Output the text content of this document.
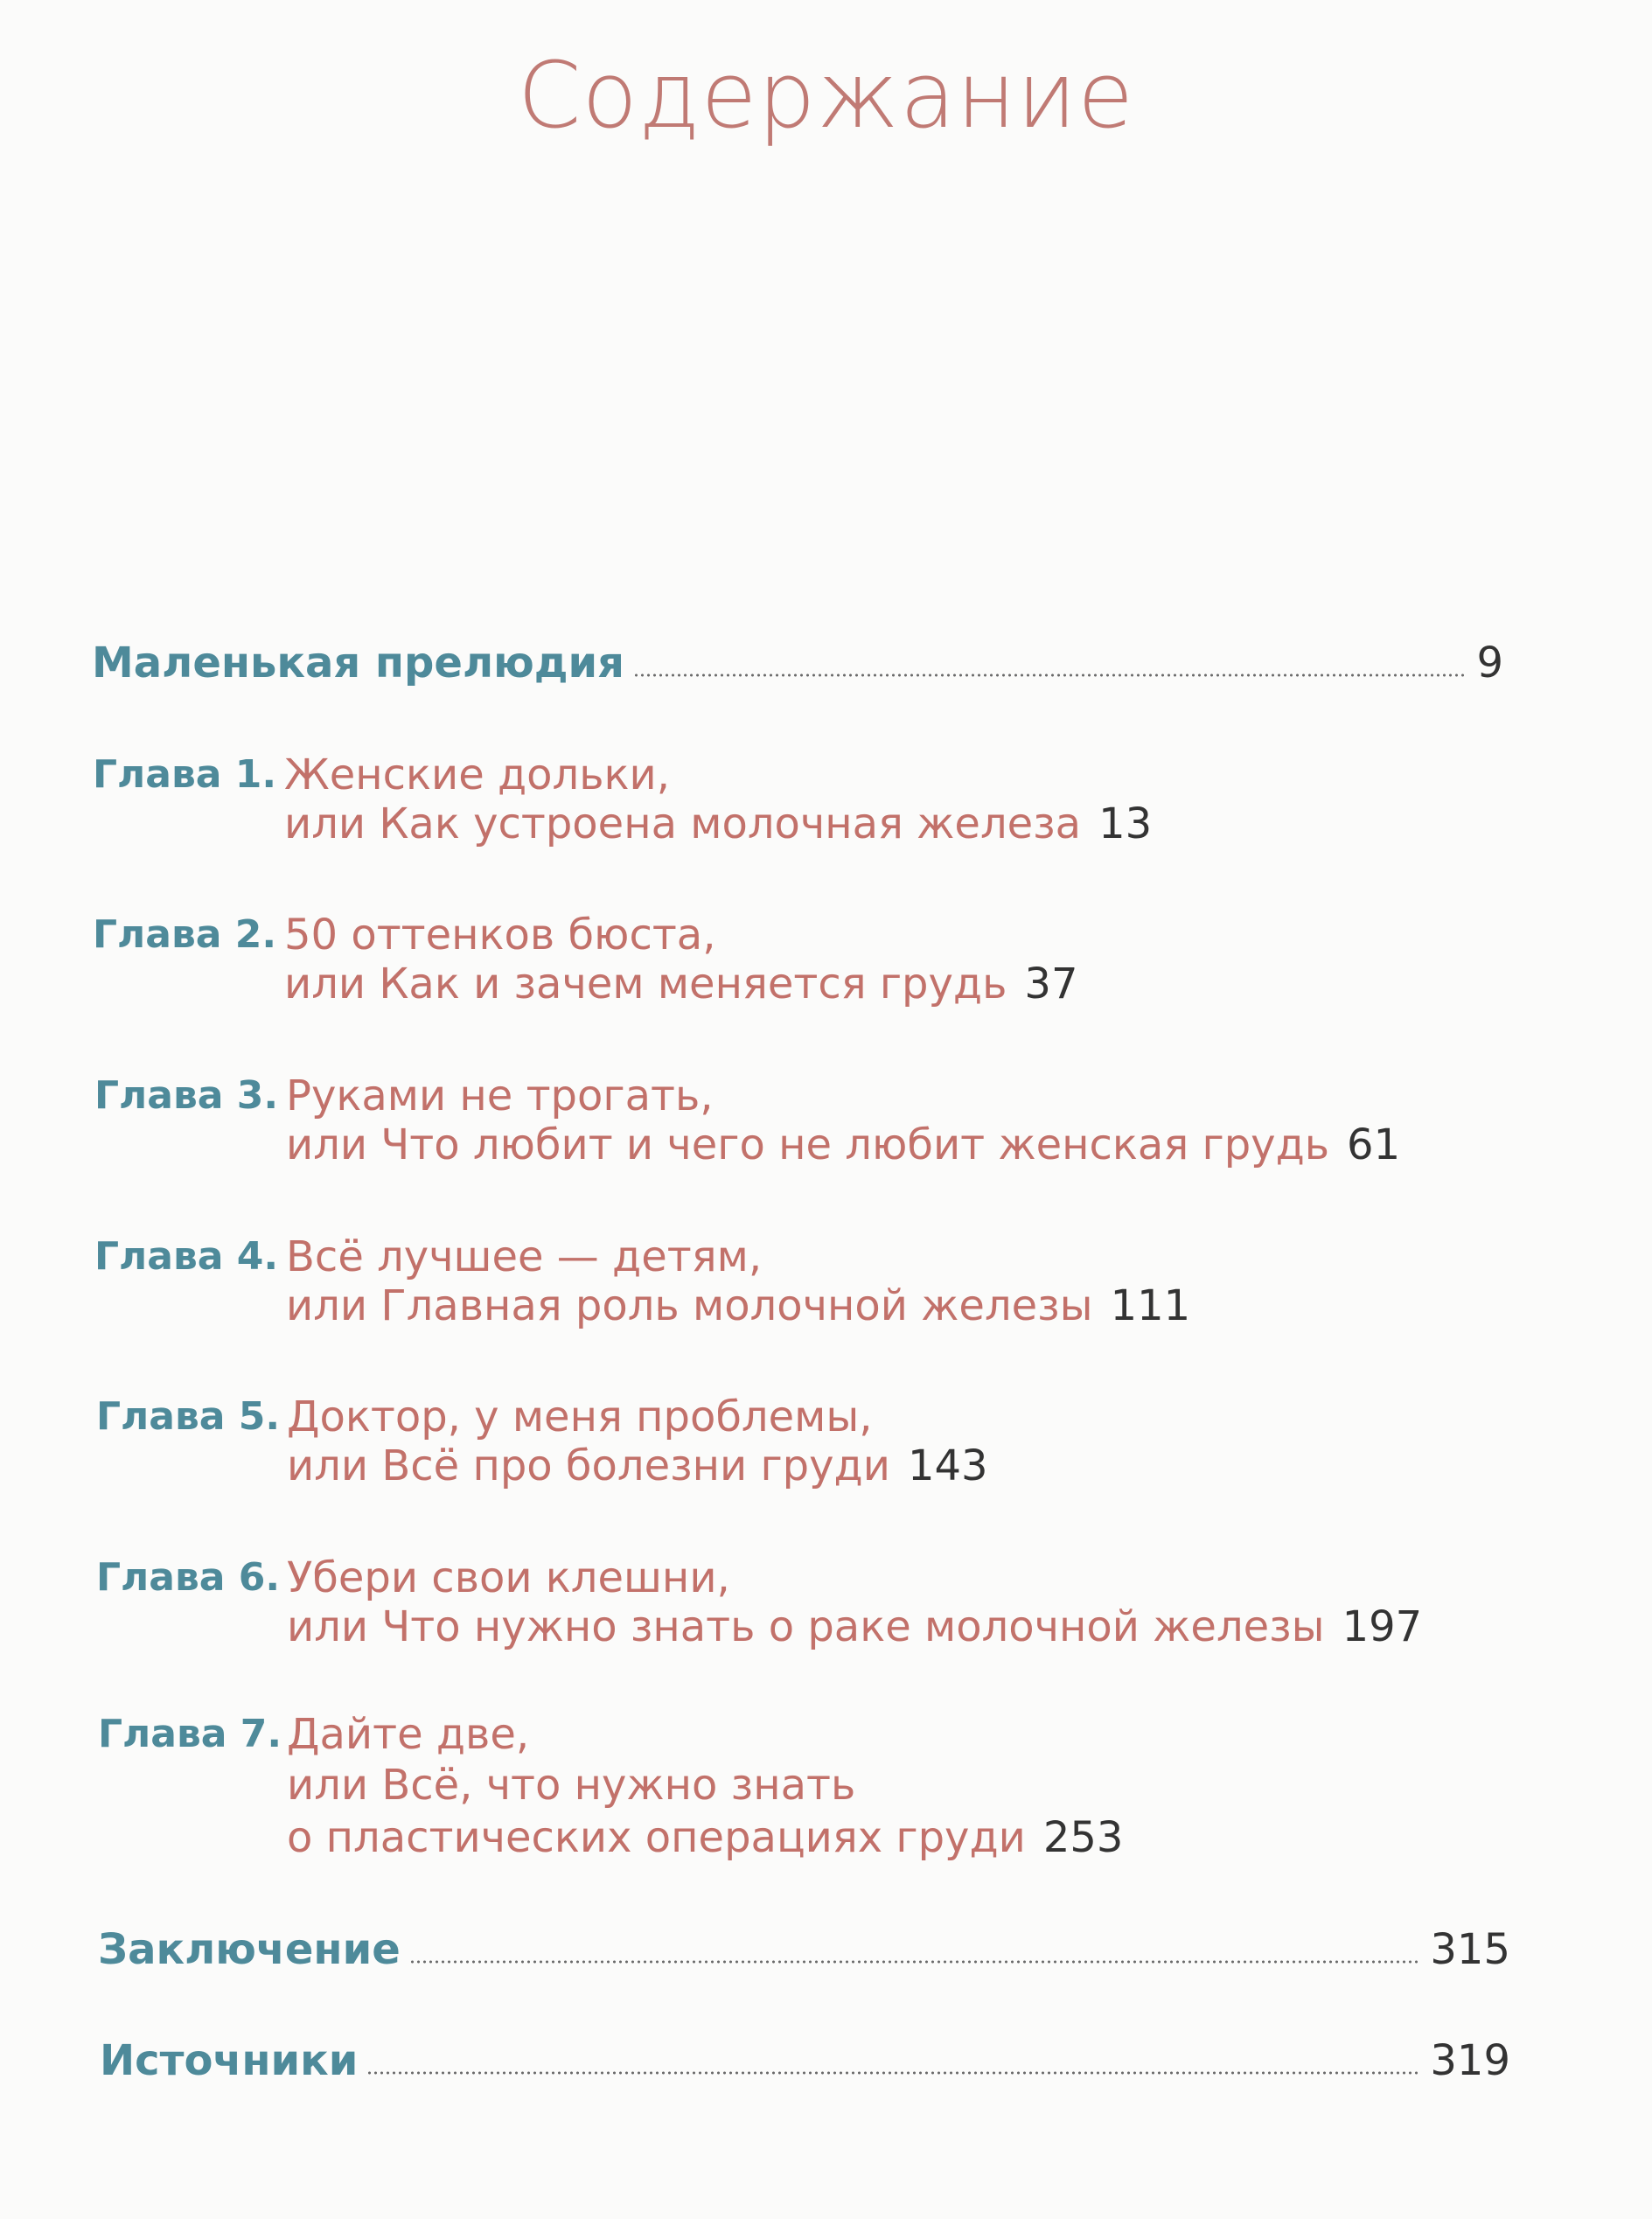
Содержание
Маленькая прелюдия	9
Глава 1. Женские дольки,
или Как устроена молочная железа 13
Глава 2. 50 оттенков бюста,
или Как и зачем меняется грудь 37
Глава 3. Руками не трогать,
или Что любит и чего не любит женская грудь 61
Глава 4. Всё лучшее — детям,
или Главная роль молочной железы 111
Глава 5. Доктор, у меня проблемы,
или Всё про болезни груди 143
Глава 6. Убери свои клешни,
или Что нужно знать о раке молочной железы 197
Глава 7. Дайте две,
или Всё, что нужно знать
о пластических операциях груди 253
Заключение	315
Источники	319
